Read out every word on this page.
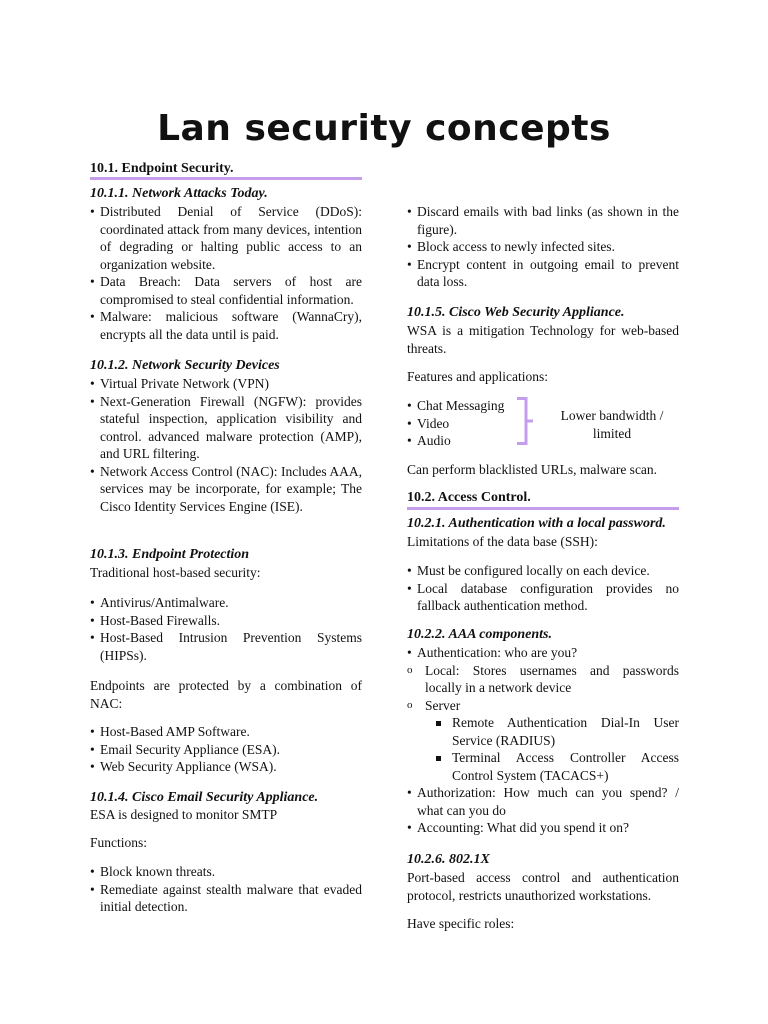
Lan security concepts
10.1. Endpoint Security.
10.1.1. Network Attacks Today.
• Distributed Denial of Service (DDoS): coordinated attack from many devices, intention of degrading or halting public access to an organization website.
• Data Breach: Data servers of host are compromised to steal confidential information.
• Malware: malicious software (WannaCry), encrypts all the data until is paid.
10.1.2. Network Security Devices
• Virtual Private Network (VPN)
• Next-Generation Firewall (NGFW): provides stateful inspection, application visibility and control. advanced malware protection (AMP), and URL filtering.
• Network Access Control (NAC): Includes AAA, services may be incorporate, for example; The Cisco Identity Services Engine (ISE).
10.1.3. Endpoint Protection
Traditional host-based security:
• Antivirus/Antimalware.
• Host-Based Firewalls.
• Host-Based Intrusion Prevention Systems (HIPSs).
Endpoints are protected by a combination of NAC:
• Host-Based AMP Software.
• Email Security Appliance (ESA).
• Web Security Appliance (WSA).
10.1.4. Cisco Email Security Appliance.
ESA is designed to monitor SMTP
Functions:
• Block known threats.
• Remediate against stealth malware that evaded initial detection.
• Discard emails with bad links (as shown in the figure).
• Block access to newly infected sites.
• Encrypt content in outgoing email to prevent data loss.
10.1.5. Cisco Web Security Appliance.
WSA is a mitigation Technology for web-based threats.
Features and applications:
• Chat Messaging
• Video
• Audio
Lower bandwidth / limited
Can perform blacklisted URLs, malware scan.
10.2. Access Control.
10.2.1. Authentication with a local password.
Limitations of the data base (SSH):
• Must be configured locally on each device.
• Local database configuration provides no fallback authentication method.
10.2.2. AAA components.
• Authentication: who are you?
o Local: Stores usernames and passwords locally in a network device
o Server
Remote Authentication Dial-In User Service (RADIUS)
Terminal Access Controller Access Control System (TACACS+)
• Authorization: How much can you spend? / what can you do
• Accounting: What did you spend it on?
10.2.6. 802.1X
Port-based access control and authentication protocol, restricts unauthorized workstations.
Have specific roles:
